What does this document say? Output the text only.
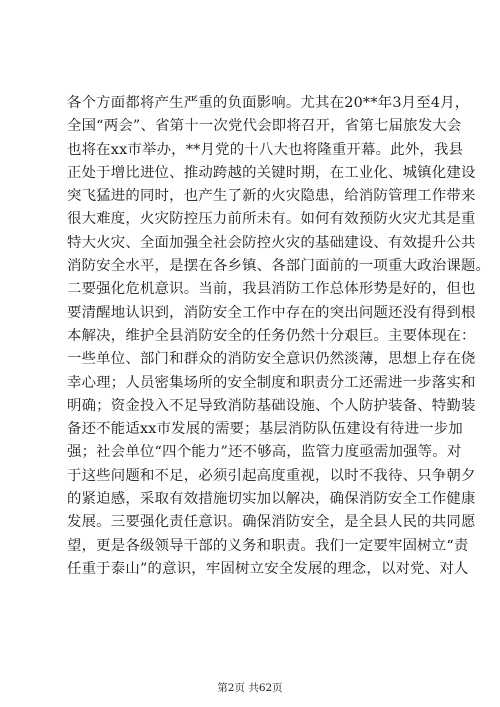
各个方面都将产生严重的负面影响。尤其在20**年3月至4月，
全国“两会”、省第十一次党代会即将召开，省第七届旅发大会
也将在xx市举办，**月党的十八大也将隆重开幕。此外，我县
正处于增比进位、推动跨越的关键时期，在工业化、城镇化建设
突飞猛进的同时，也产生了新的火灾隐患，给消防管理工作带来
很大难度，火灾防控压力前所未有。如何有效预防火灾尤其是重
特大火灾、全面加强全社会防控火灾的基础建设、有效提升公共
消防安全水平，是摆在各乡镇、各部门面前的一项重大政治课题。
二要强化危机意识。当前，我县消防工作总体形势是好的，但也
要清醒地认识到，消防安全工作中存在的突出问题还没有得到根
本解决，维护全县消防安全的任务仍然十分艰巨。主要体现在：
一些单位、部门和群众的消防安全意识仍然淡薄，思想上存在侥
幸心理；人员密集场所的安全制度和职责分工还需进一步落实和
明确；资金投入不足导致消防基础设施、个人防护装备、特勤装
备还不能适xx市发展的需要；基层消防队伍建设有待进一步加
强；社会单位“四个能力”还不够高，监管力度亟需加强等。对
于这些问题和不足，必须引起高度重视，以时不我待、只争朝夕
的紧迫感，采取有效措施切实加以解决，确保消防安全工作健康
发展。三要强化责任意识。确保消防安全，是全县人民的共同愿
望，更是各级领导干部的义务和职责。我们一定要牢固树立“责
任重于泰山”的意识，牢固树立安全发展的理念，以对党、对人
第2页 共62页
